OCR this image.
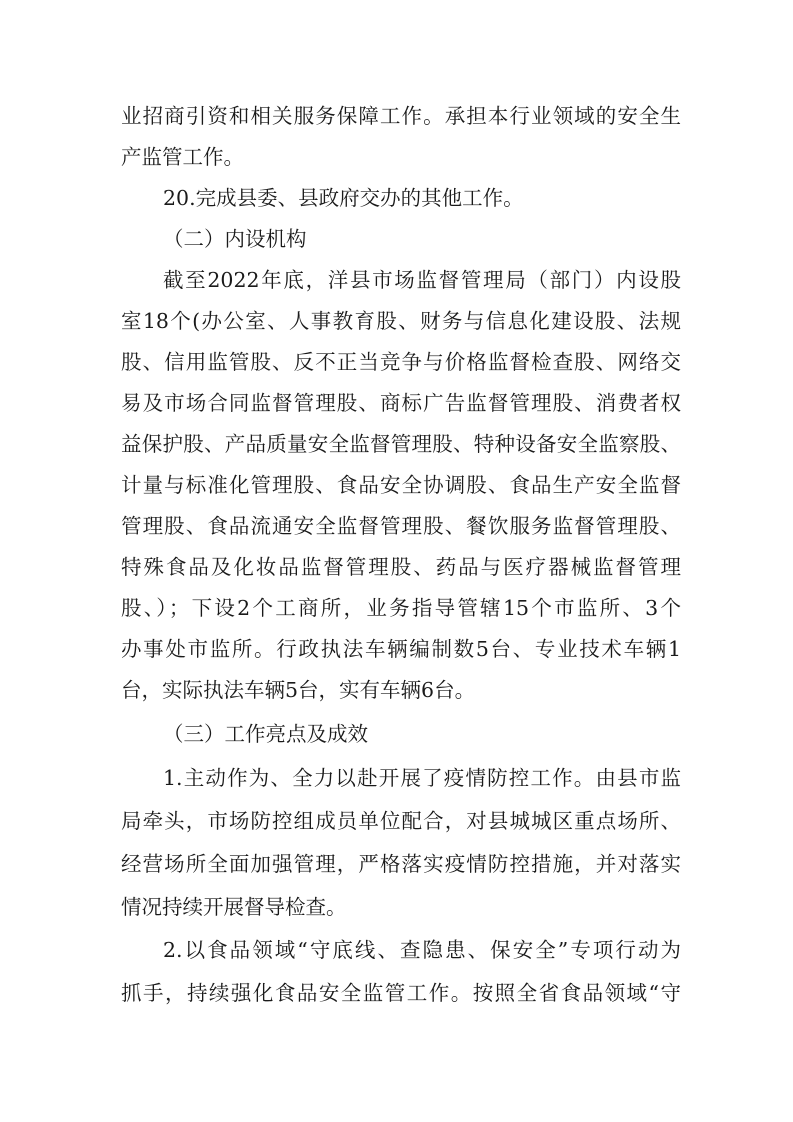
业招商引资和相关服务保障工作。承担本行业领域的安全生
产监管工作。
20.完成县委、县政府交办的其他工作。
（二）内设机构
截至2022年底，洋县市场监督管理局（部门）内设股
室18个(办公室、人事教育股、财务与信息化建设股、法规
股、信用监管股、反不正当竞争与价格监督检查股、网络交
易及市场合同监督管理股、商标广告监督管理股、消费者权
益保护股、产品质量安全监督管理股、特种设备安全监察股、
计量与标准化管理股、食品安全协调股、食品生产安全监督
管理股、食品流通安全监督管理股、餐饮服务监督管理股、
特殊食品及化妆品监督管理股、药品与医疗器械监督管理
股、）；下设2个工商所，业务指导管辖15个市监所、3个
办事处市监所。行政执法车辆编制数5台、专业技术车辆1
台，实际执法车辆5台，实有车辆6台。
（三）工作亮点及成效
1.主动作为、全力以赴开展了疫情防控工作。由县市监
局牵头，市场防控组成员单位配合，对县城城区重点场所、
经营场所全面加强管理，严格落实疫情防控措施，并对落实
情况持续开展督导检查。
2.以食品领域“守底线、查隐患、保安全”专项行动为
抓手，持续强化食品安全监管工作。按照全省食品领域“守
